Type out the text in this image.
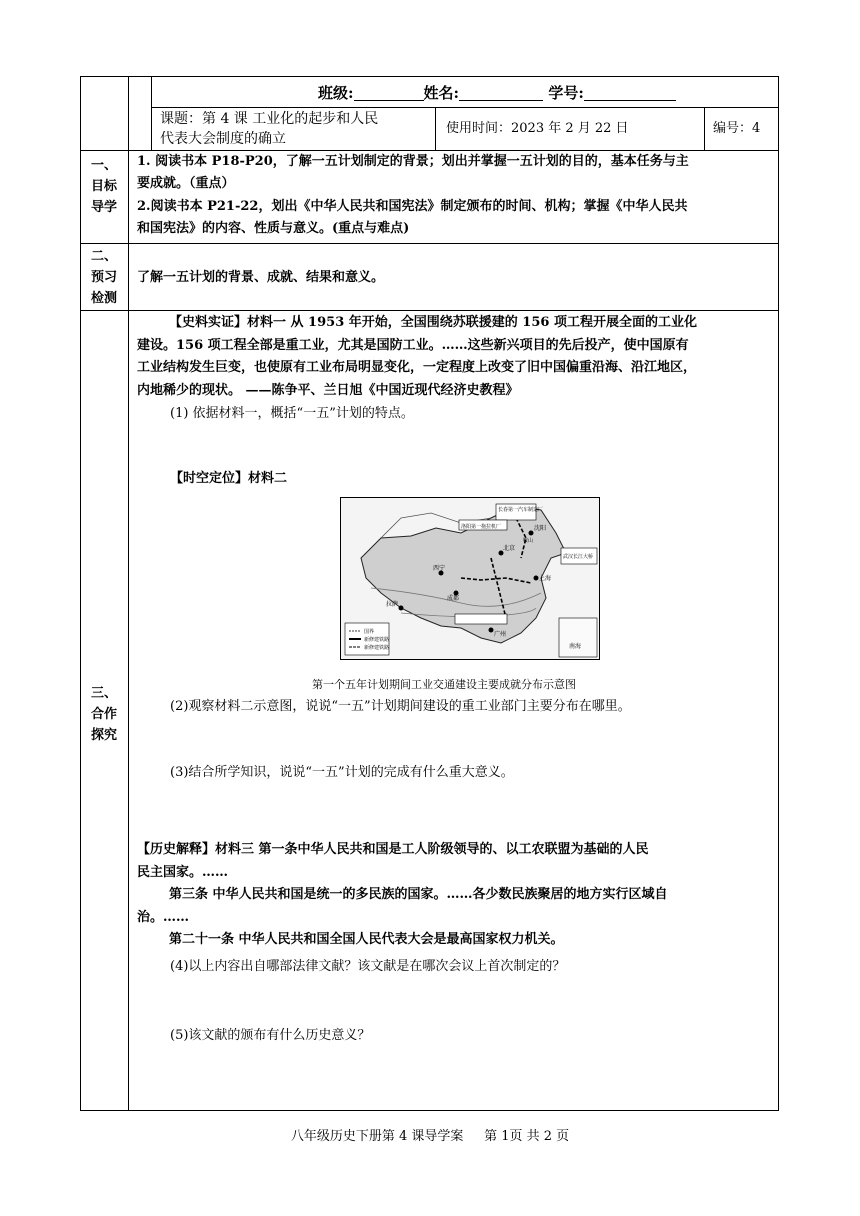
班级:	姓名:	学号:
课题：第 4 课 工业化的起步和人民
代表大会制度的确立
使用时间：2023 年 2 月 22 日	编号：4
一、
目标
导学
1. 阅读书本 P18-P20，了解一五计划制定的背景；划出并掌握一五计划的目的，基本任务与主
要成就。（重点）
2.阅读书本 P21-22，划出《中华人民共和国宪法》制定颁布的时间、机构；掌握《中华人民共
和国宪法》的内容、性质与意义。(重点与难点)
二、
预习
检测
了解一五计划的背景、成就、结果和意义。
三、
合作
探究

【史料实证】材料一 从 1953 年开始，全国围绕苏联援建的 156 项工程开展全面的工业化

建设。156 项工程全部是重工业，尤其是国防工业。……这些新兴项目的先后投产，使中国原有

工业结构发生巨变，也使原有工业布局明显变化，一定程度上改变了旧中国偏重沿海、沿江地区，

内地稀少的现状。 ——陈争平、兰日旭《中国近现代经济史教程》

(1) 依据材料一，概括“一五”计划的特点。
【时空定位】材料二
长春第一汽车制造厂
洛阳第一拖拉机厂
武汉长江大桥
国界
新修建铁路
新修建铁路
北京
上海
广州
成都
西宁
拉萨
沈阳
鞍山
南海
第一个五年计划期间工业交通建设主要成就分布示意图
(2)观察材料二示意图，说说“一五”计划期间建设的重工业部门主要分布在哪里。
(3)结合所学知识，说说“一五”计划的完成有什么重大意义。

【历史解释】材料三 第一条中华人民共和国是工人阶级领导的、以工农联盟为基础的人民

民主国家。……

第三条 中华人民共和国是统一的多民族的国家。……各少数民族聚居的地方实行区域自

治。……

第二十一条 中华人民共和国全国人民代表大会是最高国家权力机关。

(4)以上内容出自哪部法律文献？该文献是在哪次会议上首次制定的？
(5)该文献的颁布有什么历史意义？
八年级历史下册第 4 课导学案 第 1页 共 2 页
